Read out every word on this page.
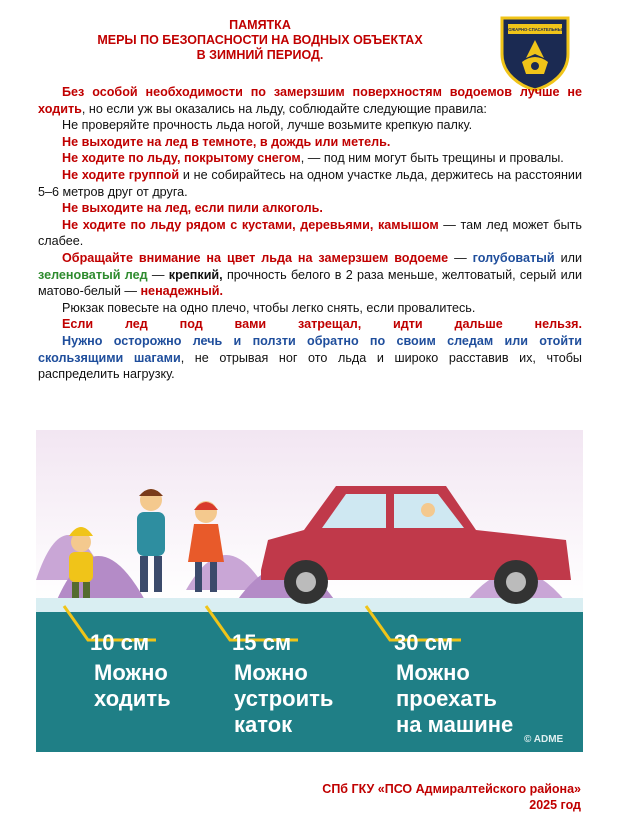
ПАМЯТКА
МЕРЫ ПО БЕЗОПАСНОСТИ НА ВОДНЫХ ОБЪЕКТАХ
В ЗИМНИЙ ПЕРИОД.
ПОЖАРНО-СПАСАТЕЛЬНЫЙ

Без особой необходимости по замерзшим поверхностям водоемов лучше не ходить, но если уж вы оказались на льду, соблюдайте следующие правила:

Не проверяйте прочность льда ногой, лучше возьмите крепкую палку.

Не выходите на лед в темноте, в дождь или метель.

Не ходите по льду, покрытому снегом, — под ним могут быть трещины и провалы.

Не ходите группой и не собирайтесь на одном участке льда, держитесь на расстоянии 5–6 метров друг от друга.

Не выходите на лед, если пили алкоголь.

Не ходите по льду рядом с кустами, деревьями, камышом — там лед может быть слабее.

Обращайте внимание на цвет льда на замерзшем водоеме — голубоватый или зеленоватый лед — крепкий, прочность белого в 2 раза меньше, желтоватый, серый или матово-белый — ненадежный.

Рюкзак повесьте на одно плечо, чтобы легко снять, если провалитесь.

Если лед под вами затрещал, идти дальше нельзя.

Нужно осторожно лечь и ползти обратно по своим следам или отойти скользящими шагами, не отрывая ног ото льда и широко расставив их, чтобы распределить нагрузку.

10 см	15 см	30 см
Можно
ходить
Можно
устроить
каток
Можно
проехать
на машине
© ADME
СПб ГКУ «ПСО Адмиралтейского района»
2025 год
